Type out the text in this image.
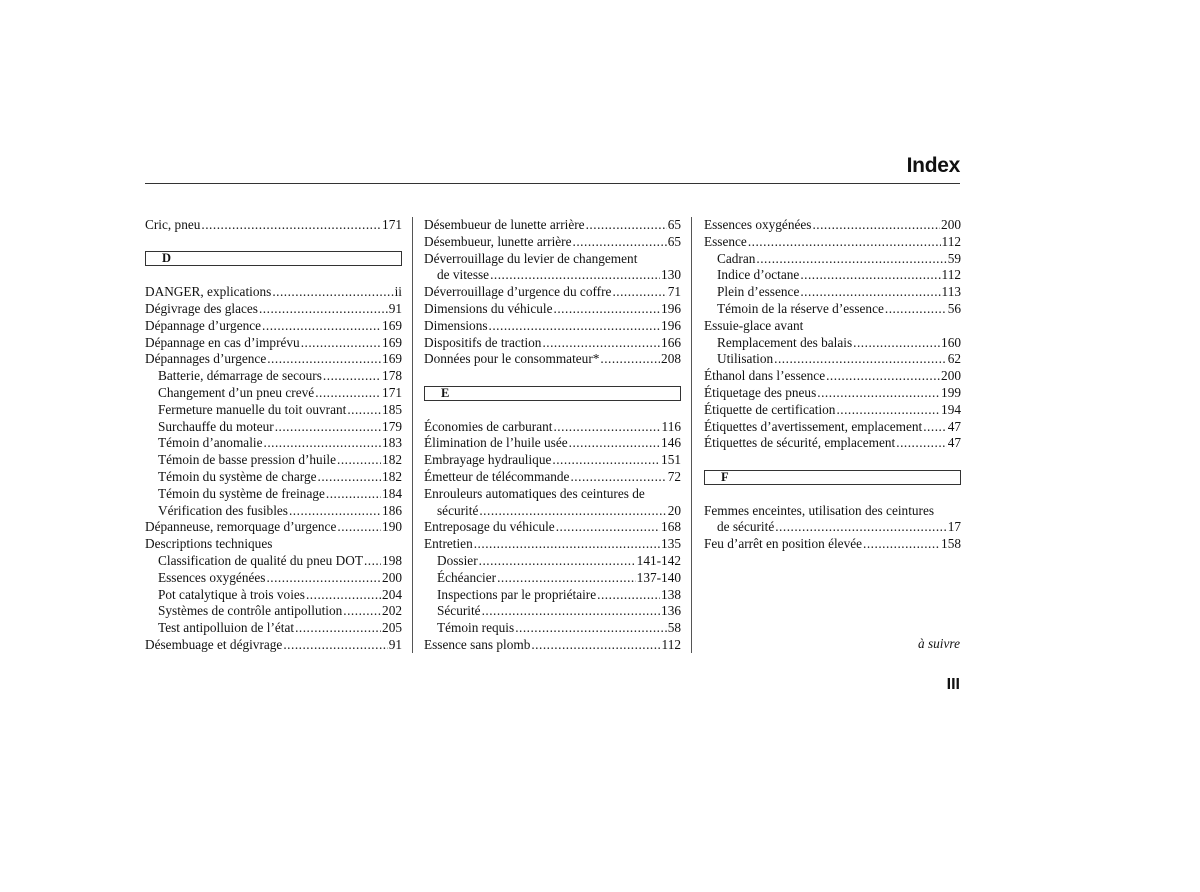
Index
Cric, pneu .....	171
D
DANGER, explications .....	ii
Dégivrage des glaces .....	91
Dépannage d’urgence .....	169
Dépannage en cas d’imprévu .....	169
Dépannages d’urgence .....	169
Batterie, démarrage de secours .....	178
Changement d’un pneu crevé .....	171
Fermeture manuelle du toit ouvrant .....	185
Surchauffe du moteur .....	179
Témoin d’anomalie .....	183
Témoin de basse pression d’huile .....	182
Témoin du système de charge .....	182
Témoin du système de freinage .....	184
Vérification des fusibles .....	186
Dépanneuse, remorquage d’urgence .....	190
Descriptions techniques
Classification de qualité du pneu DOT ..... 198
Essences oxygénées .....	200
Pot catalytique à trois voies .....	204
Systèmes de contrôle antipollution .....	202
Test antipolluion de l’état .....	205
Désembuage et dégivrage .....	91
Désembueur de lunette arrière .....	65
Désembueur, lunette arrière .....	65
Déverrouillage du levier de changement
de vitesse .....	130
Déverrouillage d’urgence du coffre .....	71
Dimensions du véhicule .....	196
Dimensions .....	196
Dispositifs de traction .....	166
Données pour le consommateur* .....	208
E
Économies de carburant .....	116
Élimination de l’huile usée .....	146
Embrayage hydraulique .....	151
Émetteur de télécommande .....	72
Enrouleurs automatiques des ceintures de
sécurité .....	20
Entreposage du véhicule .....	168
Entretien .....	135
Dossier .....	141-142
Échéancier .....	137-140
Inspections par le propriétaire .....	138
Sécurité .....	136
Témoin requis .....	58
Essence sans plomb .....	112
Essences oxygénées .....	200
Essence .....	112
Cadran .....	59
Indice d’octane .....	112
Plein d’essence .....	113
Témoin de la réserve d’essence .....	56
Essuie-glace avant
Remplacement des balais .....	160
Utilisation .....	62
Éthanol dans l’essence .....	200
Étiquetage des pneus .....	199
Étiquette de certification .....	194
Étiquettes d’avertissement, emplacement ..... 47
Étiquettes de sécurité, emplacement .....	47
F
Femmes enceintes, utilisation des ceintures
de sécurité .....	17
Feu d’arrêt en position élevée .....	158
à suivre
III
